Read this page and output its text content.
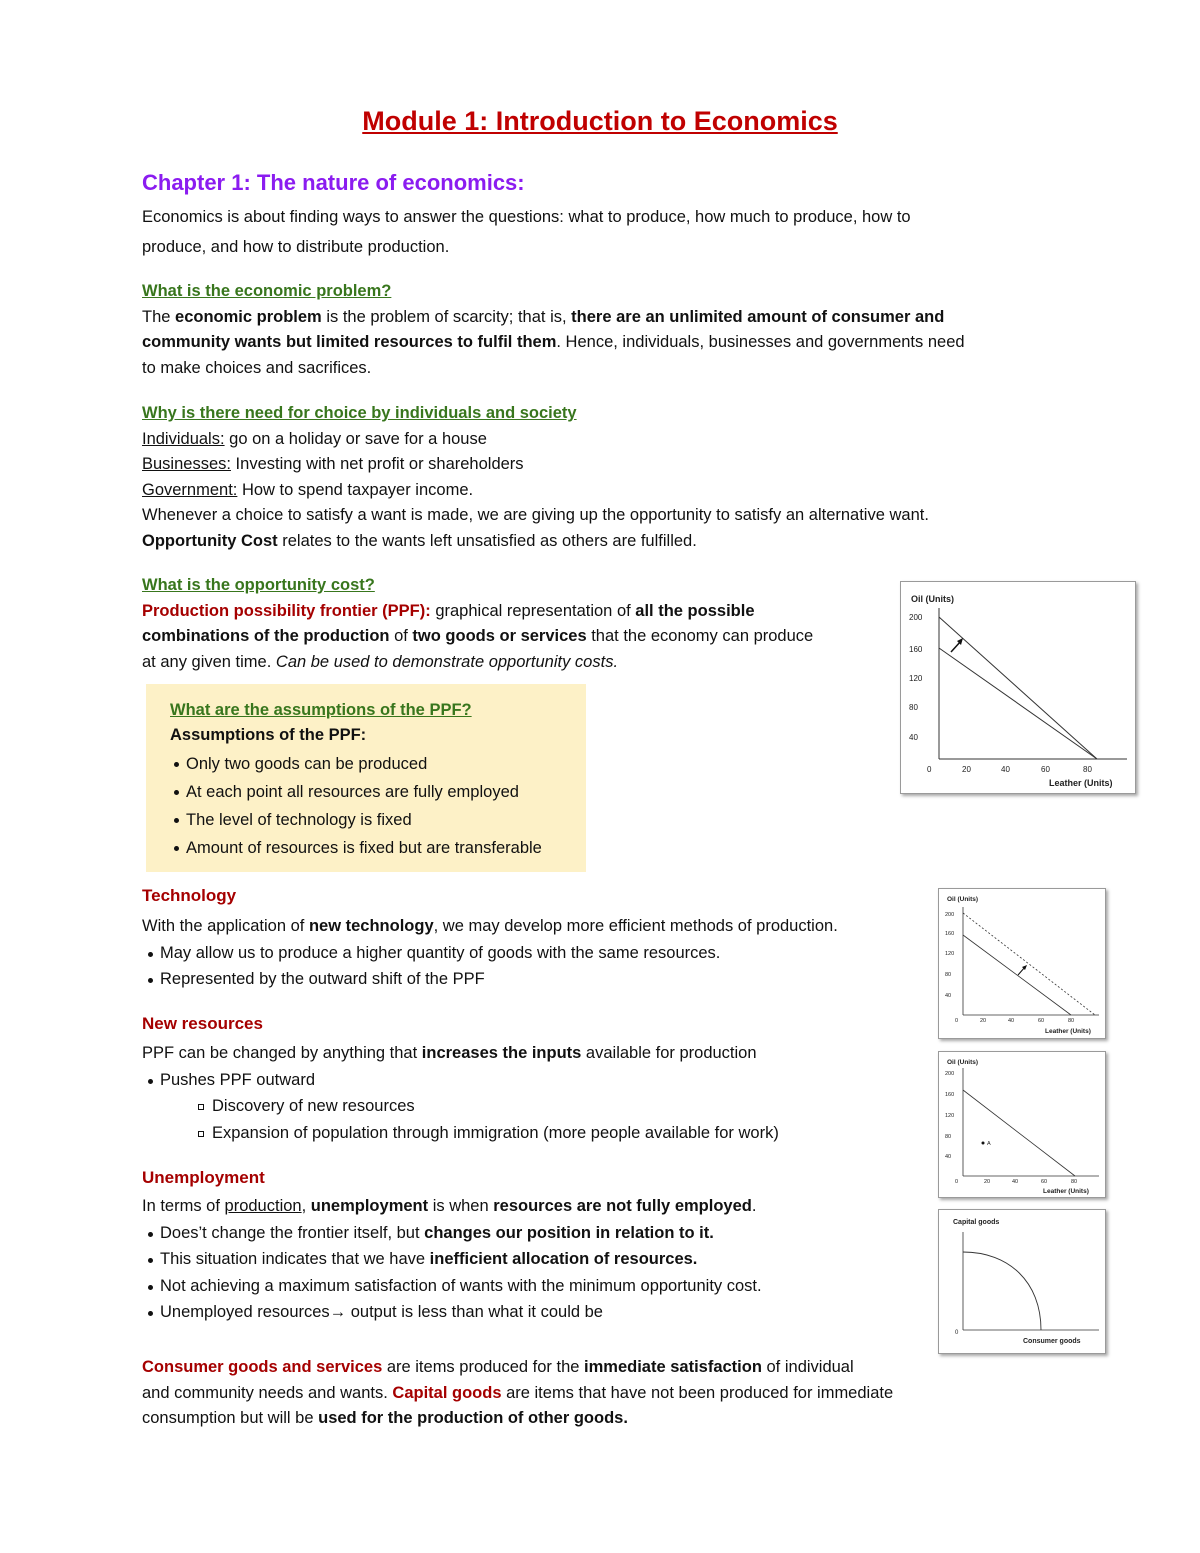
Module 1: Introduction to Economics
Chapter 1: The nature of economics:
Economics is about finding ways to answer the questions: what to produce, how much to produce, how to
produce, and how to distribute production.
What is the economic problem?
The economic problem is the problem of scarcity; that is, there are an unlimited amount of consumer and
community wants but limited resources to fulfil them. Hence, individuals, businesses and governments need
to make choices and sacrifices.
Why is there need for choice by individuals and society
Individuals: go on a holiday or save for a house
Businesses: Investing with net profit or shareholders
Government: How to spend taxpayer income.
Whenever a choice to satisfy a want is made, we are giving up the opportunity to satisfy an alternative want.
Opportunity Cost relates to the wants left unsatisfied as others are fulfilled.
What is the opportunity cost?
Production possibility frontier (PPF): graphical representation of all the possible
combinations of the production of two goods or services that the economy can produce
at any given time. Can be used to demonstrate opportunity costs.
What are the assumptions of the PPF?
Assumptions of the PPF:
Only two goods can be produced
At each point all resources are fully employed
The level of technology is fixed
Amount of resources is fixed but are transferable
Technology
With the application of new technology, we may develop more efficient methods of production.
May allow us to produce a higher quantity of goods with the same resources.
Represented by the outward shift of the PPF
New resources
PPF can be changed by anything that increases the inputs available for production
Pushes PPF outward
Discovery of new resources
Expansion of population through immigration (more people available for work)
Unemployment
In terms of production, unemployment is when resources are not fully employed.
Does’t change the frontier itself, but changes our position in relation to it.
This situation indicates that we have inefficient allocation of resources.
Not achieving a maximum satisfaction of wants with the minimum opportunity cost.
Unemployed resources→ output is less than what it could be
Consumer goods and services are items produced for the immediate satisfaction of individual
and community needs and wants. Capital goods are items that have not been produced for immediate
consumption but will be used for the production of other goods.
Oil (Units)
200
160
120
80
40
0	20	40	60	80
Leather (Units)
Oil (Units)
200
160
120
80
40
0	20	40	60	80
Leather (Units)
Oil (Units)
200
160
120
80
40
0	20	40	60	80
Leather (Units)
A
Capital goods
0
Consumer goods
